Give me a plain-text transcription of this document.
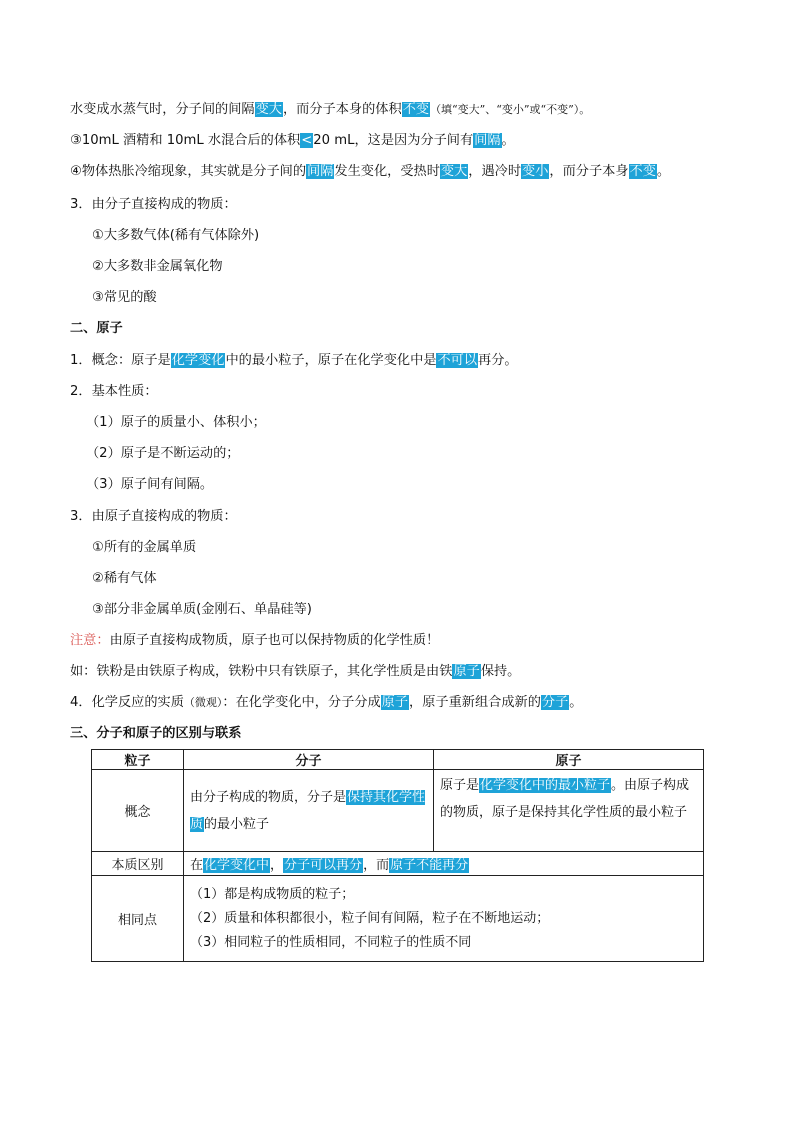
水变成水蒸气时，分子间的间隔变大，而分子本身的体积不变（填“变大”、“变小”或“不变”）。
③10mL 酒精和 10mL 水混合后的体积<20 mL，这是因为分子间有间隔。
④物体热胀冷缩现象，其实就是分子间的间隔发生变化，受热时变大，遇冷时变小，而分子本身不变。
3．由分子直接构成的物质：
①大多数气体(稀有气体除外)
②大多数非金属氧化物
③常见的酸
二、原子
1．概念：原子是化学变化中的最小粒子，原子在化学变化中是不可以再分。
2．基本性质：
（1）原子的质量小、体积小；
（2）原子是不断运动的；
（3）原子间有间隔。
3．由原子直接构成的物质：
①所有的金属单质
②稀有气体
③部分非金属单质(金刚石、单晶硅等)
注意：由原子直接构成物质，原子也可以保持物质的化学性质！
如：铁粉是由铁原子构成，铁粉中只有铁原子，其化学性质是由铁原子保持。
4．化学反应的实质（微观）：在化学变化中，分子分成原子，原子重新组合成新的分子。
三、分子和原子的区别与联系
粒子	分子	原子
概念	由分子构成的物质，分子是保持其化学性质的最小粒子	原子是化学变化中的最小粒子。由原子构成的物质，原子是保持其化学性质的最小粒子
本质区别	在化学变化中，分子可以再分，而原子不能再分	
相同点	（1）都是构成物质的粒子；
（2）质量和体积都很小，粒子间有间隔，粒子在不断地运动；
（3）相同粒子的性质相同，不同粒子的性质不同	
